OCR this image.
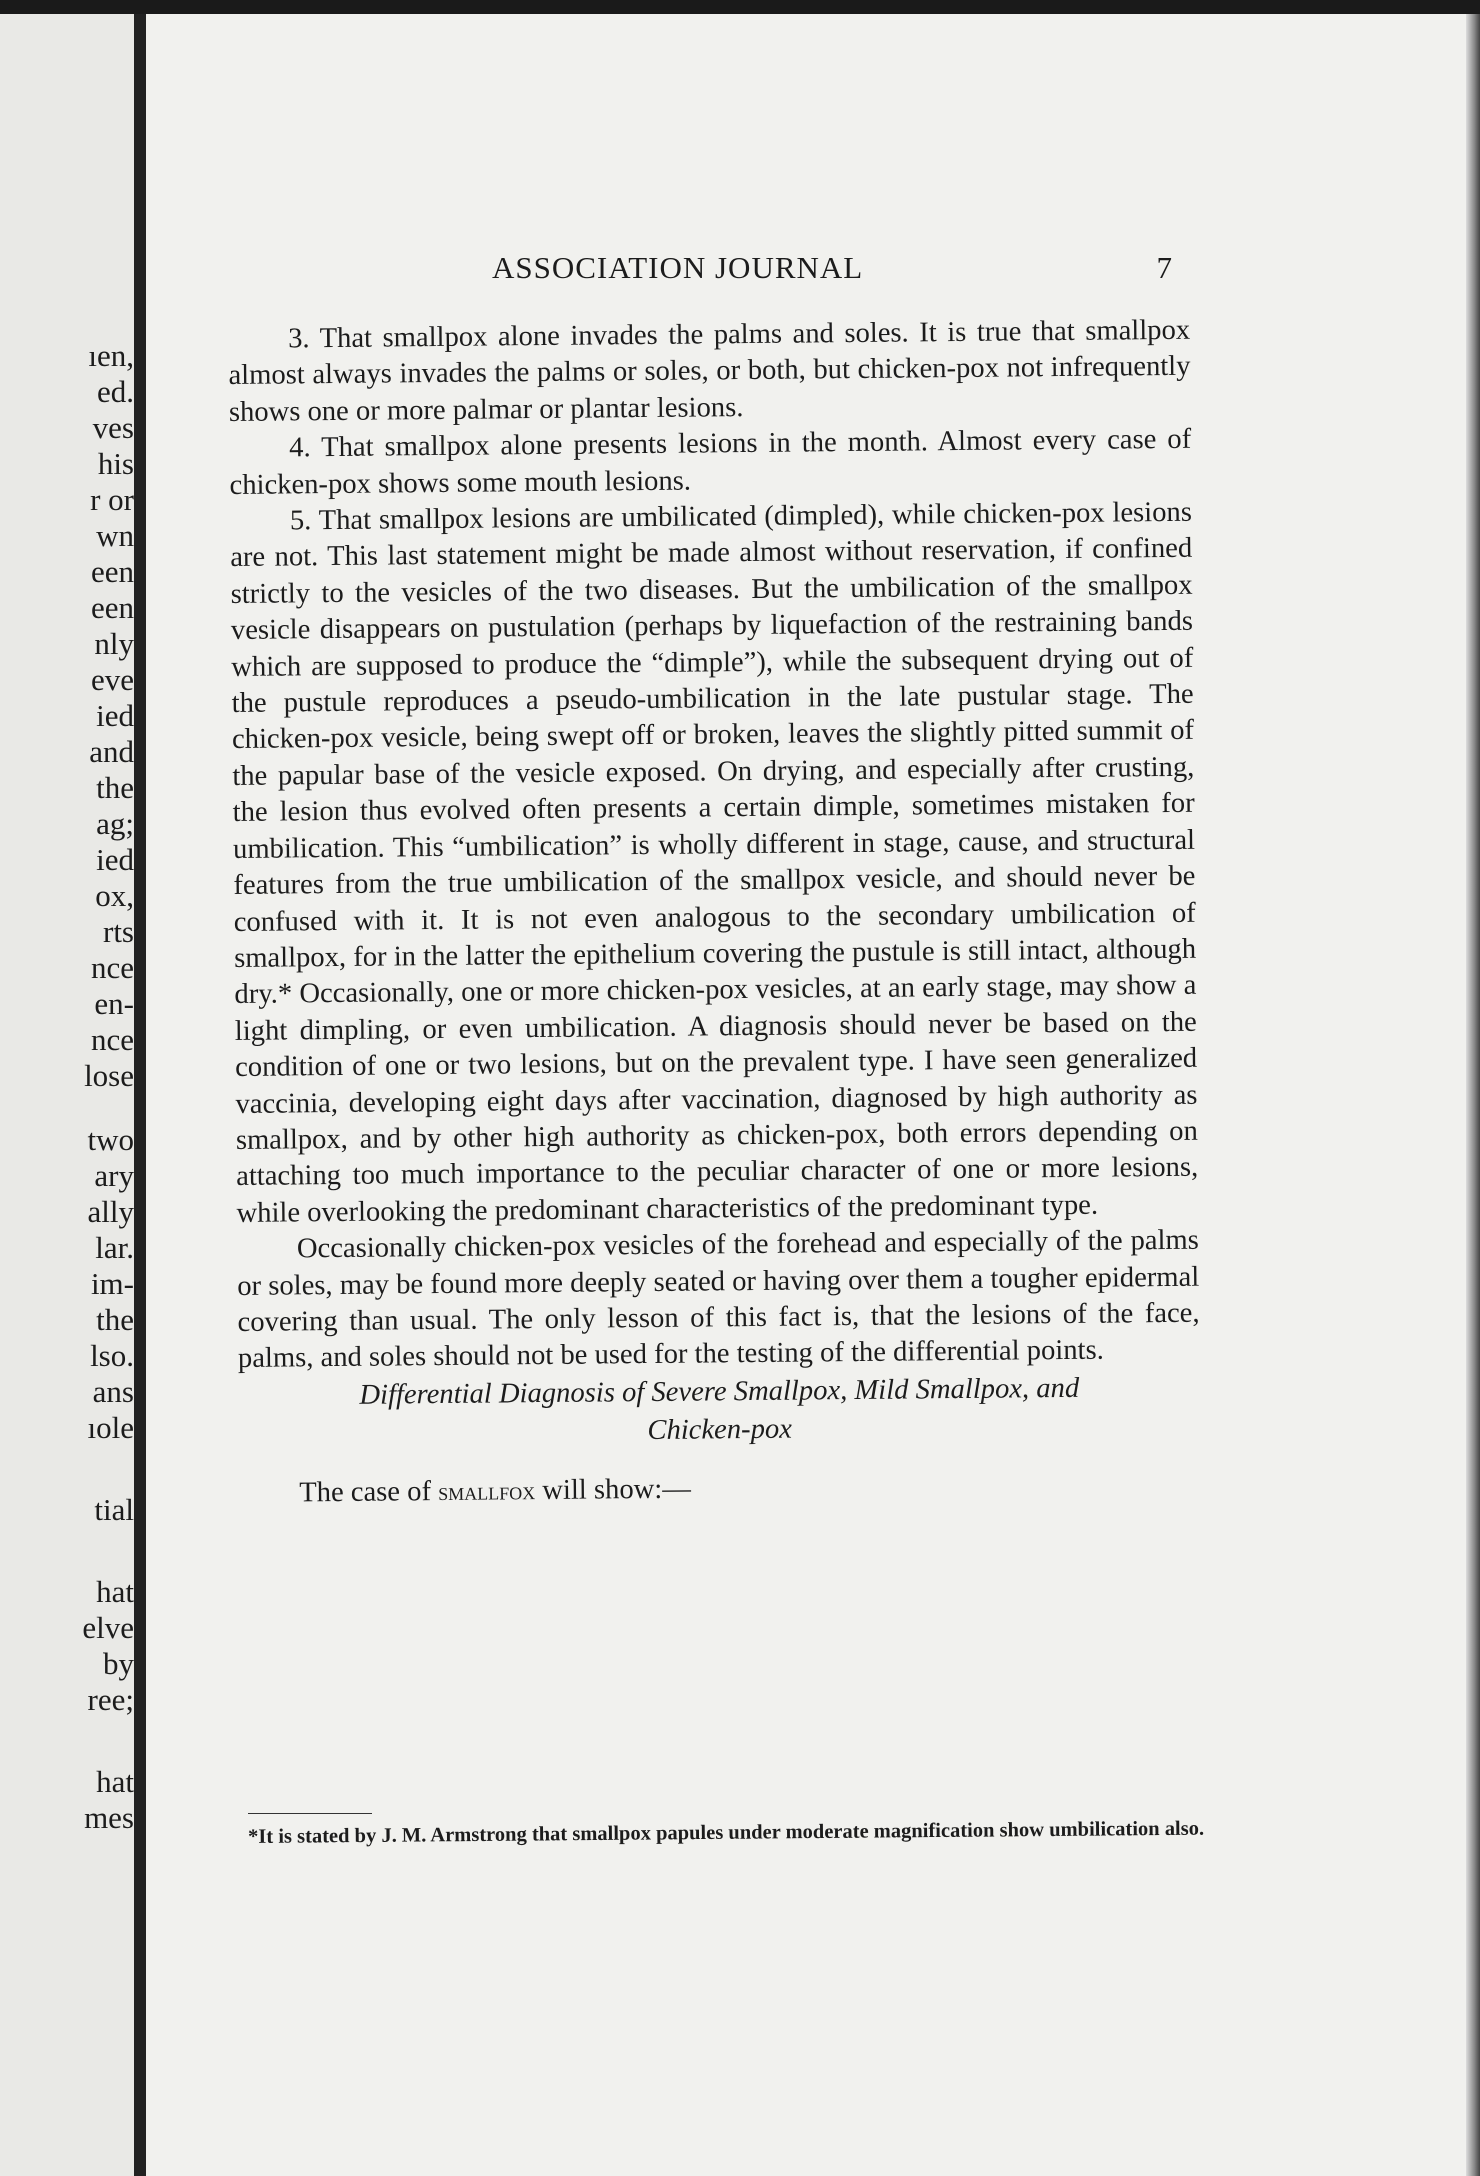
ıen,
ed.
ves
his
r or
wn
een
een
nly
eve
ied
and
the
ag;
ied
ox,
rts
nce
en-
nce
lose
two
ary
ally
lar.
im-
the
lso.
ans
ıole
tial
hat
elve
by
ree;
hat
mes
ASSOCIATION JOURNAL	7

3. That smallpox alone invades the palms and soles. It is true that smallpox almost always invades the palms or soles, or both, but chicken-pox not infrequently shows one or more palmar or plantar lesions.

4. That smallpox alone presents lesions in the month. Almost every case of chicken-pox shows some mouth lesions.

5. That smallpox lesions are umbilicated (dimpled), while chicken-pox lesions are not. This last statement might be made almost without reservation, if confined strictly to the vesicles of the two diseases. But the umbilication of the smallpox vesicle disappears on pustulation (perhaps by liquefaction of the restraining bands which are supposed to produce the “dimple”), while the subsequent drying out of the pustule reproduces a pseudo-umbilication in the late pustular stage. The chicken-pox vesicle, being swept off or broken, leaves the slightly pitted summit of the papular base of the vesicle exposed. On drying, and especially after crusting, the lesion thus evolved often presents a certain dimple, sometimes mistaken for umbilication. This “umbilication” is wholly different in stage, cause, and structural features from the true umbilication of the smallpox vesicle, and should never be confused with it. It is not even analogous to the secondary umbilication of smallpox, for in the latter the epithelium covering the pustule is still intact, although dry.* Occasionally, one or more chicken-pox vesicles, at an early stage, may show a light dimpling, or even umbilication. A diagnosis should never be based on the condition of one or two lesions, but on the prevalent type. I have seen generalized vaccinia, developing eight days after vaccination, diagnosed by high authority as smallpox, and by other high authority as chicken-pox, both errors depending on attaching too much importance to the peculiar character of one or more lesions, while overlooking the predominant characteristics of the predominant type.

Occasionally chicken-pox vesicles of the forehead and especially of the palms or soles, may be found more deeply seated or having over them a tougher epidermal covering than usual. The only lesson of this fact is, that the lesions of the face, palms, and soles should not be used for the testing of the differential points.

Differential Diagnosis of Severe Smallpox, Mild Smallpox, and
Chicken-pox

The case of smallfox will show:—

*It is stated by J. M. Armstrong that smallpox papules under moderate magnification show umbilication also.
